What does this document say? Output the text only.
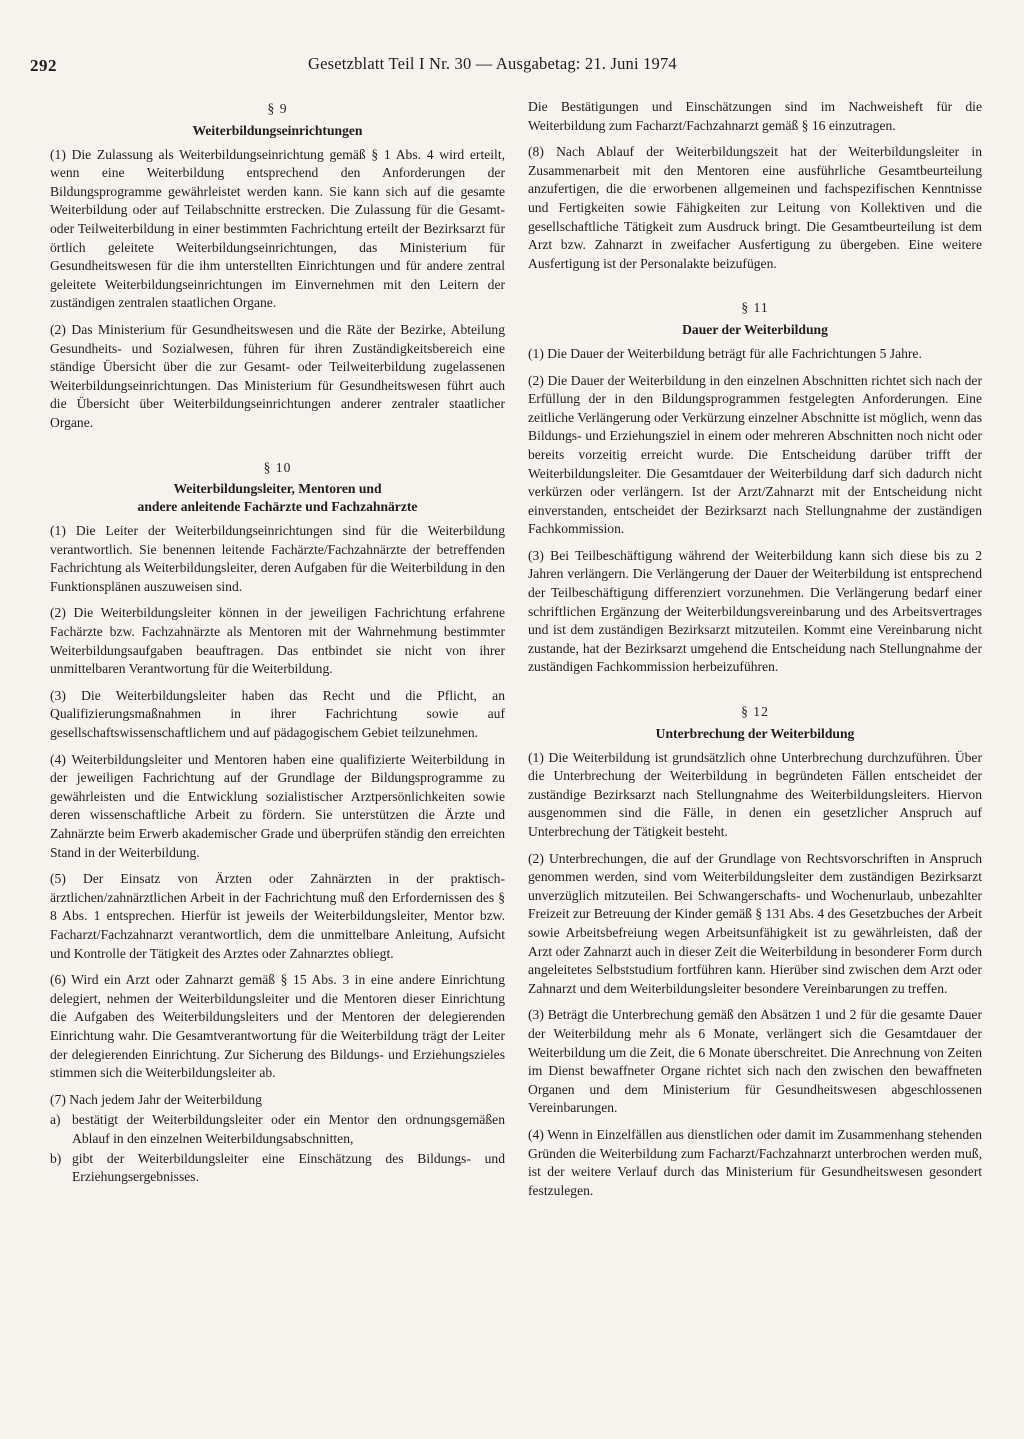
292	Gesetzblatt Teil I Nr. 30 — Ausgabetag: 21. Juni 1974
§ 9
Weiterbildungseinrichtungen

(1) Die Zulassung als Weiterbildungseinrichtung gemäß § 1 Abs. 4 wird erteilt, wenn eine Weiterbildung entsprechend den Anforderungen der Bildungsprogramme gewährleistet werden kann. Sie kann sich auf die gesamte Weiterbildung oder auf Teilabschnitte erstrecken. Die Zulassung für die Gesamt- oder Teilweiterbildung in einer bestimmten Fachrichtung erteilt der Bezirksarzt für örtlich geleitete Weiterbildungseinrichtungen, das Ministerium für Gesundheitswesen für die ihm unterstellten Einrichtungen und für andere zentral geleitete Weiterbildungseinrichtungen im Einvernehmen mit den Leitern der zuständigen zentralen staatlichen Organe.

(2) Das Ministerium für Gesundheitswesen und die Räte der Bezirke, Abteilung Gesundheits- und Sozialwesen, führen für ihren Zuständigkeitsbereich eine ständige Übersicht über die zur Gesamt- oder Teilweiterbildung zugelassenen Weiterbildungseinrichtungen. Das Ministerium für Gesundheitswesen führt auch die Übersicht über Weiterbildungseinrichtungen anderer zentraler staatlicher Organe.

§ 10
Weiterbildungsleiter, Mentoren und
andere anleitende Fachärzte und Fachzahnärzte

(1) Die Leiter der Weiterbildungseinrichtungen sind für die Weiterbildung verantwortlich. Sie benennen leitende Fachärzte/Fachzahnärzte der betreffenden Fachrichtung als Weiterbildungsleiter, deren Aufgaben für die Weiterbildung in den Funktionsplänen auszuweisen sind.

(2) Die Weiterbildungsleiter können in der jeweiligen Fachrichtung erfahrene Fachärzte bzw. Fachzahnärzte als Mentoren mit der Wahrnehmung bestimmter Weiterbildungsaufgaben beauftragen. Das entbindet sie nicht von ihrer unmittelbaren Verantwortung für die Weiterbildung.

(3) Die Weiterbildungsleiter haben das Recht und die Pflicht, an Qualifizierungsmaßnahmen in ihrer Fachrichtung sowie auf gesellschaftswissenschaftlichem und auf pädagogischem Gebiet teilzunehmen.

(4) Weiterbildungsleiter und Mentoren haben eine qualifizierte Weiterbildung in der jeweiligen Fachrichtung auf der Grundlage der Bildungsprogramme zu gewährleisten und die Entwicklung sozialistischer Arztpersönlichkeiten sowie deren wissenschaftliche Arbeit zu fördern. Sie unterstützen die Ärzte und Zahnärzte beim Erwerb akademischer Grade und überprüfen ständig den erreichten Stand in der Weiterbildung.

(5) Der Einsatz von Ärzten oder Zahnärzten in der praktisch-ärztlichen/zahnärztlichen Arbeit in der Fachrichtung muß den Erfordernissen des § 8 Abs. 1 entsprechen. Hierfür ist jeweils der Weiterbildungsleiter, Mentor bzw. Facharzt/Fachzahnarzt verantwortlich, dem die unmittelbare Anleitung, Aufsicht und Kontrolle der Tätigkeit des Arztes oder Zahnarztes obliegt.

(6) Wird ein Arzt oder Zahnarzt gemäß § 15 Abs. 3 in eine andere Einrichtung delegiert, nehmen der Weiterbildungsleiter und die Mentoren dieser Einrichtung die Aufgaben des Weiterbildungsleiters und der Mentoren der delegierenden Einrichtung wahr. Die Gesamtverantwortung für die Weiterbildung trägt der Leiter der delegierenden Einrichtung. Zur Sicherung des Bildungs- und Erziehungszieles stimmen sich die Weiterbildungsleiter ab.

(7) Nach jedem Jahr der Weiterbildung

a) bestätigt der Weiterbildungsleiter oder ein Mentor den ordnungsgemäßen Ablauf in den einzelnen Weiterbildungsabschnitten,
b) gibt der Weiterbildungsleiter eine Einschätzung des Bildungs- und Erziehungsergebnisses.

Die Bestätigungen und Einschätzungen sind im Nachweisheft für die Weiterbildung zum Facharzt/Fachzahnarzt gemäß § 16 einzutragen.

(8) Nach Ablauf der Weiterbildungszeit hat der Weiterbildungsleiter in Zusammenarbeit mit den Mentoren eine ausführliche Gesamtbeurteilung anzufertigen, die die erworbenen allgemeinen und fachspezifischen Kenntnisse und Fertigkeiten sowie Fähigkeiten zur Leitung von Kollektiven und die gesellschaftliche Tätigkeit zum Ausdruck bringt. Die Gesamtbeurteilung ist dem Arzt bzw. Zahnarzt in zweifacher Ausfertigung zu übergeben. Eine weitere Ausfertigung ist der Personalakte beizufügen.

§ 11
Dauer der Weiterbildung

(1) Die Dauer der Weiterbildung beträgt für alle Fachrichtungen 5 Jahre.

(2) Die Dauer der Weiterbildung in den einzelnen Abschnitten richtet sich nach der Erfüllung der in den Bildungsprogrammen festgelegten Anforderungen. Eine zeitliche Verlängerung oder Verkürzung einzelner Abschnitte ist möglich, wenn das Bildungs- und Erziehungsziel in einem oder mehreren Abschnitten noch nicht oder bereits vorzeitig erreicht wurde. Die Entscheidung darüber trifft der Weiterbildungsleiter. Die Gesamtdauer der Weiterbildung darf sich dadurch nicht verkürzen oder verlängern. Ist der Arzt/Zahnarzt mit der Entscheidung nicht einverstanden, entscheidet der Bezirksarzt nach Stellungnahme der zuständigen Fachkommission.

(3) Bei Teilbeschäftigung während der Weiterbildung kann sich diese bis zu 2 Jahren verlängern. Die Verlängerung der Dauer der Weiterbildung ist entsprechend der Teilbeschäftigung differenziert vorzunehmen. Die Verlängerung bedarf einer schriftlichen Ergänzung der Weiterbildungsvereinbarung und des Arbeitsvertrages und ist dem zuständigen Bezirksarzt mitzuteilen. Kommt eine Vereinbarung nicht zustande, hat der Bezirksarzt umgehend die Entscheidung nach Stellungnahme der zuständigen Fachkommission herbeizuführen.

§ 12
Unterbrechung der Weiterbildung

(1) Die Weiterbildung ist grundsätzlich ohne Unterbrechung durchzuführen. Über die Unterbrechung der Weiterbildung in begründeten Fällen entscheidet der zuständige Bezirksarzt nach Stellungnahme des Weiterbildungsleiters. Hiervon ausgenommen sind die Fälle, in denen ein gesetzlicher Anspruch auf Unterbrechung der Tätigkeit besteht.

(2) Unterbrechungen, die auf der Grundlage von Rechtsvorschriften in Anspruch genommen werden, sind vom Weiterbildungsleiter dem zuständigen Bezirksarzt unverzüglich mitzuteilen. Bei Schwangerschafts- und Wochenurlaub, unbezahlter Freizeit zur Betreuung der Kinder gemäß § 131 Abs. 4 des Gesetzbuches der Arbeit sowie Arbeitsbefreiung wegen Arbeitsunfähigkeit ist zu gewährleisten, daß der Arzt oder Zahnarzt auch in dieser Zeit die Weiterbildung in besonderer Form durch angeleitetes Selbststudium fortführen kann. Hierüber sind zwischen dem Arzt oder Zahnarzt und dem Weiterbildungsleiter besondere Vereinbarungen zu treffen.

(3) Beträgt die Unterbrechung gemäß den Absätzen 1 und 2 für die gesamte Dauer der Weiterbildung mehr als 6 Monate, verlängert sich die Gesamtdauer der Weiterbildung um die Zeit, die 6 Monate überschreitet. Die Anrechnung von Zeiten im Dienst bewaffneter Organe richtet sich nach den zwischen den bewaffneten Organen und dem Ministerium für Gesundheitswesen abgeschlossenen Vereinbarungen.

(4) Wenn in Einzelfällen aus dienstlichen oder damit im Zusammenhang stehenden Gründen die Weiterbildung zum Facharzt/Fachzahnarzt unterbrochen werden muß, ist der weitere Verlauf durch das Ministerium für Gesundheitswesen gesondert festzulegen.
